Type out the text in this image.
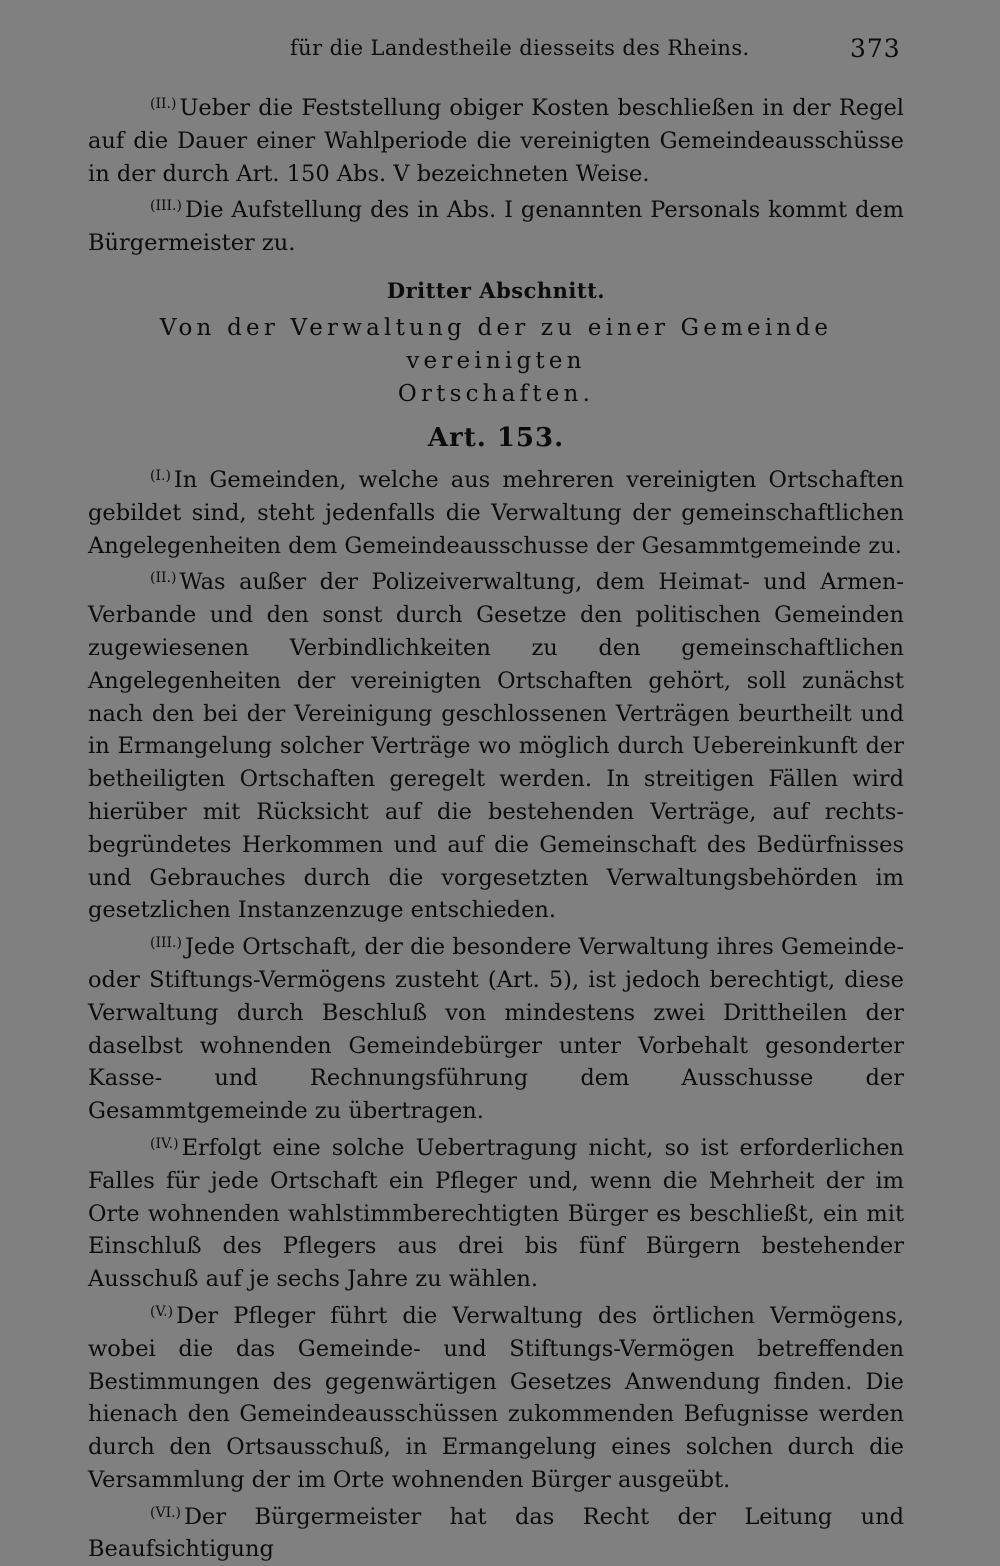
für die Landestheile diesseits des Rheins.	373

$^{(II.)}$ Ueber die Feststellung obiger Kosten beschließen in der Regel auf die Dauer einer Wahlperiode die vereinigten Gemeindeausschüsse in der durch Art. 150 Abs. V bezeichneten Weise.

$^{(III.)}$ Die Aufstellung des in Abs. I genannten Personals kommt dem Bürgermeister zu.

Dritter Abschnitt.
Von der Verwaltung der zu einer Gemeinde vereinigten
Ortschaften.
Art. 153.

$^{(I.)}$ In Gemeinden, welche aus mehreren vereinigten Ortschaften gebildet sind, steht jedenfalls die Verwaltung der gemeinschaftlichen Angelegenheiten dem Gemeindeausschusse der Gesammtgemeinde zu.

$^{(II.)}$ Was außer der Polizeiverwaltung, dem Heimat- und Armen-Verbande und den sonst durch Gesetze den politischen Gemeinden zugewiesenen Verbindlichkeiten zu den gemeinschaftlichen Angelegenheiten der vereinigten Ortschaften gehört, soll zunächst nach den bei der Vereinigung geschlossenen Verträgen beurtheilt und in Ermangelung solcher Verträge wo möglich durch Uebereinkunft der betheiligten Ortschaften geregelt werden. In streitigen Fällen wird hierüber mit Rücksicht auf die bestehenden Verträge, auf rechtsbegründetes Herkommen und auf die Gemeinschaft des Bedürfnisses und Gebrauches durch die vorgesetzten Verwaltungsbehörden im gesetzlichen Instanzenzuge entschieden.

$^{(III.)}$ Jede Ortschaft, der die besondere Verwaltung ihres Gemeinde- oder Stiftungs-Vermögens zusteht (Art. 5), ist jedoch berechtigt, diese Verwaltung durch Beschluß von mindestens zwei Drittheilen der daselbst wohnenden Gemeindebürger unter Vorbehalt gesonderter Kasse- und Rechnungsführung dem Ausschusse der Gesammtgemeinde zu übertragen.

$^{(IV.)}$ Erfolgt eine solche Uebertragung nicht, so ist erforderlichen Falles für jede Ortschaft ein Pfleger und, wenn die Mehrheit der im Orte wohnenden wahlstimmberechtigten Bürger es beschließt, ein mit Einschluß des Pflegers aus drei bis fünf Bürgern bestehender Ausschuß auf je sechs Jahre zu wählen.

$^{(V.)}$ Der Pfleger führt die Verwaltung des örtlichen Vermögens, wobei die das Gemeinde- und Stiftungs-Vermögen betreffenden Bestimmungen des gegenwärtigen Gesetzes Anwendung finden. Die hienach den Gemeindeausschüssen zukommenden Befugnisse werden durch den Ortsausschuß, in Ermangelung eines solchen durch die Versammlung der im Orte wohnenden Bürger ausgeübt.

$^{(VI.)}$ Der Bürgermeister hat das Recht der Leitung und Beaufsichtigung
